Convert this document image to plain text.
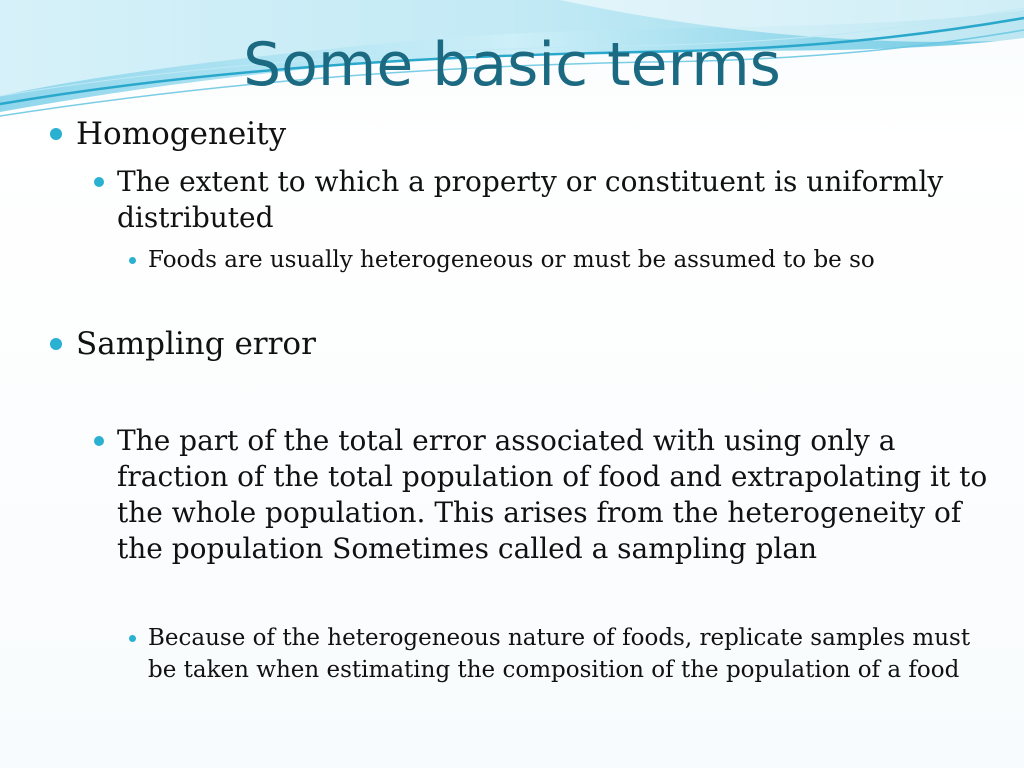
Some basic terms
Homogeneity
The extent to which a property or constituent is uniformly distributed
Foods are usually heterogeneous or must be assumed to be so
Sampling error
The part of the total error associated with using only a fraction of the total population of food and extrapolating it to the whole population. This arises from the heterogeneity of the population Sometimes called a sampling plan
Because of the heterogeneous nature of foods, replicate samples must be taken when estimating the composition of the population of a food
